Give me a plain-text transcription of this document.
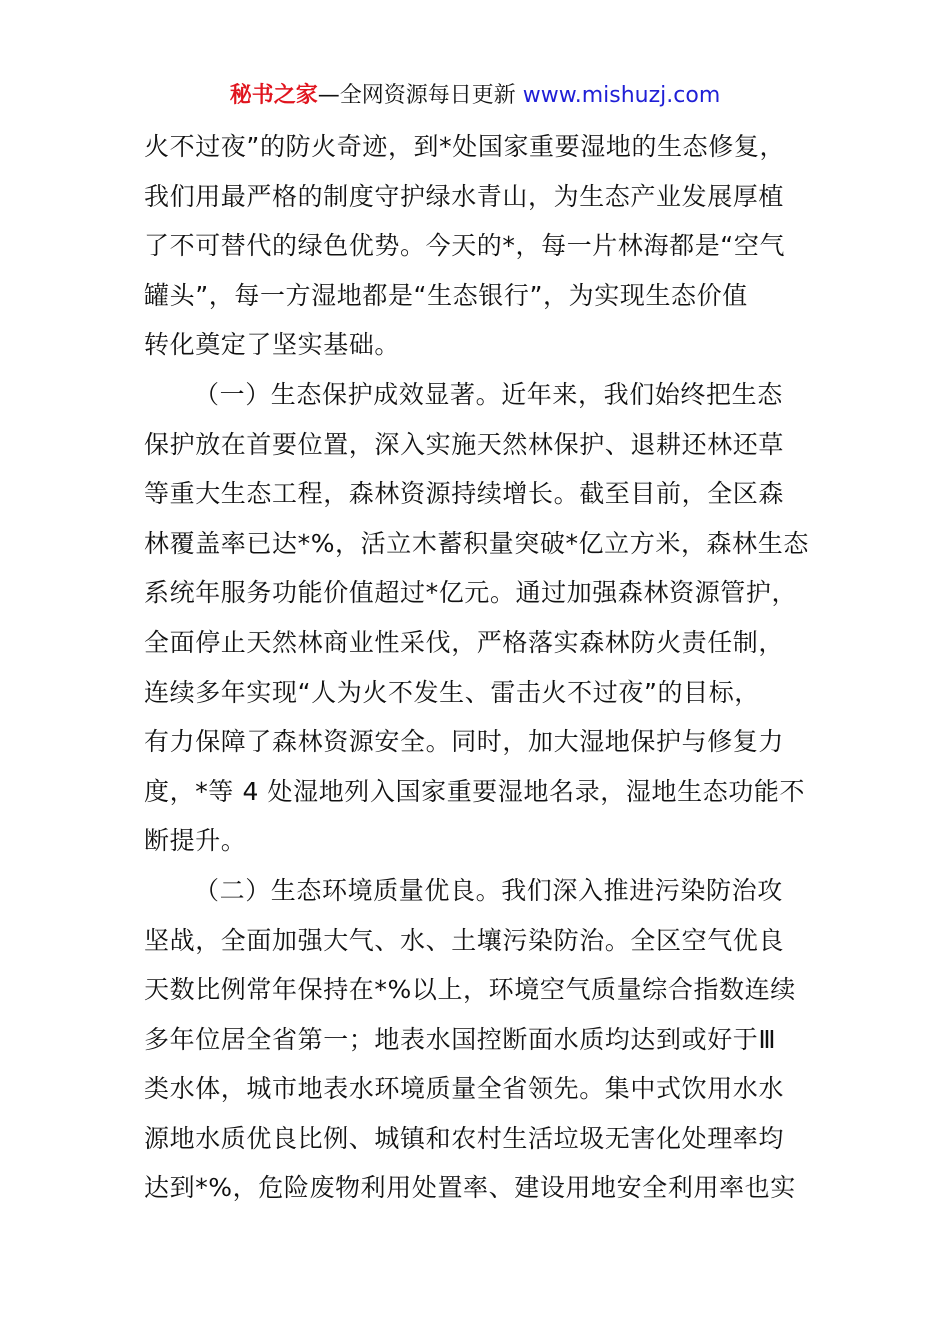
秘书之家—全网资源每日更新 www.mishuzj.com
火不过夜”的防火奇迹，到*处国家重要湿地的生态修复，
我们用最严格的制度守护绿水青山，为生态产业发展厚植
了不可替代的绿色优势。今天的*，每一片林海都是“空气
罐头”，每一方湿地都是“生态银行”，为实现生态价值
转化奠定了坚实基础。
（一）生态保护成效显著。近年来，我们始终把生态
保护放在首要位置，深入实施天然林保护、退耕还林还草
等重大生态工程，森林资源持续增长。截至目前，全区森
林覆盖率已达*%，活立木蓄积量突破*亿立方米，森林生态
系统年服务功能价值超过*亿元。通过加强森林资源管护，
全面停止天然林商业性采伐，严格落实森林防火责任制，
连续多年实现“人为火不发生、雷击火不过夜”的目标，
有力保障了森林资源安全。同时，加大湿地保护与修复力
度，*等 4 处湿地列入国家重要湿地名录，湿地生态功能不
断提升。
（二）生态环境质量优良。我们深入推进污染防治攻
坚战，全面加强大气、水、土壤污染防治。全区空气优良
天数比例常年保持在*%以上，环境空气质量综合指数连续
多年位居全省第一；地表水国控断面水质均达到或好于Ⅲ
类水体，城市地表水环境质量全省领先。集中式饮用水水
源地水质优良比例、城镇和农村生活垃圾无害化处理率均
达到*%，危险废物利用处置率、建设用地安全利用率也实
